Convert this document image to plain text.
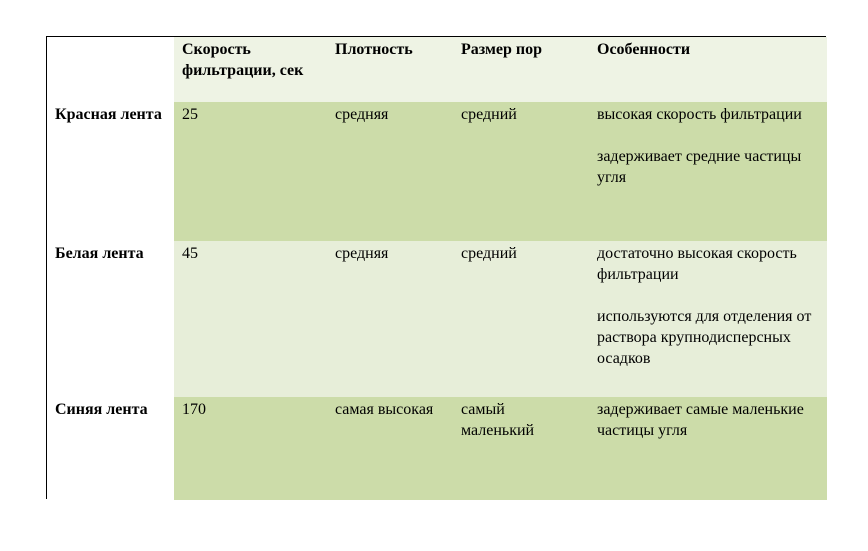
	Скорость фильтрации, сек	Плотность	Размер пор	Особенности
Красная лента	25	средняя	средний	высокая скорость фильтрации
задерживает средние частицы угля

Белая лента	45	средняя	средний	достаточно высокая скорость фильтрации
используются для отделения от раствора крупнодисперсных осадков

Синяя лента	170	самая высокая	самый маленький	задерживает самые маленькие частицы угля
